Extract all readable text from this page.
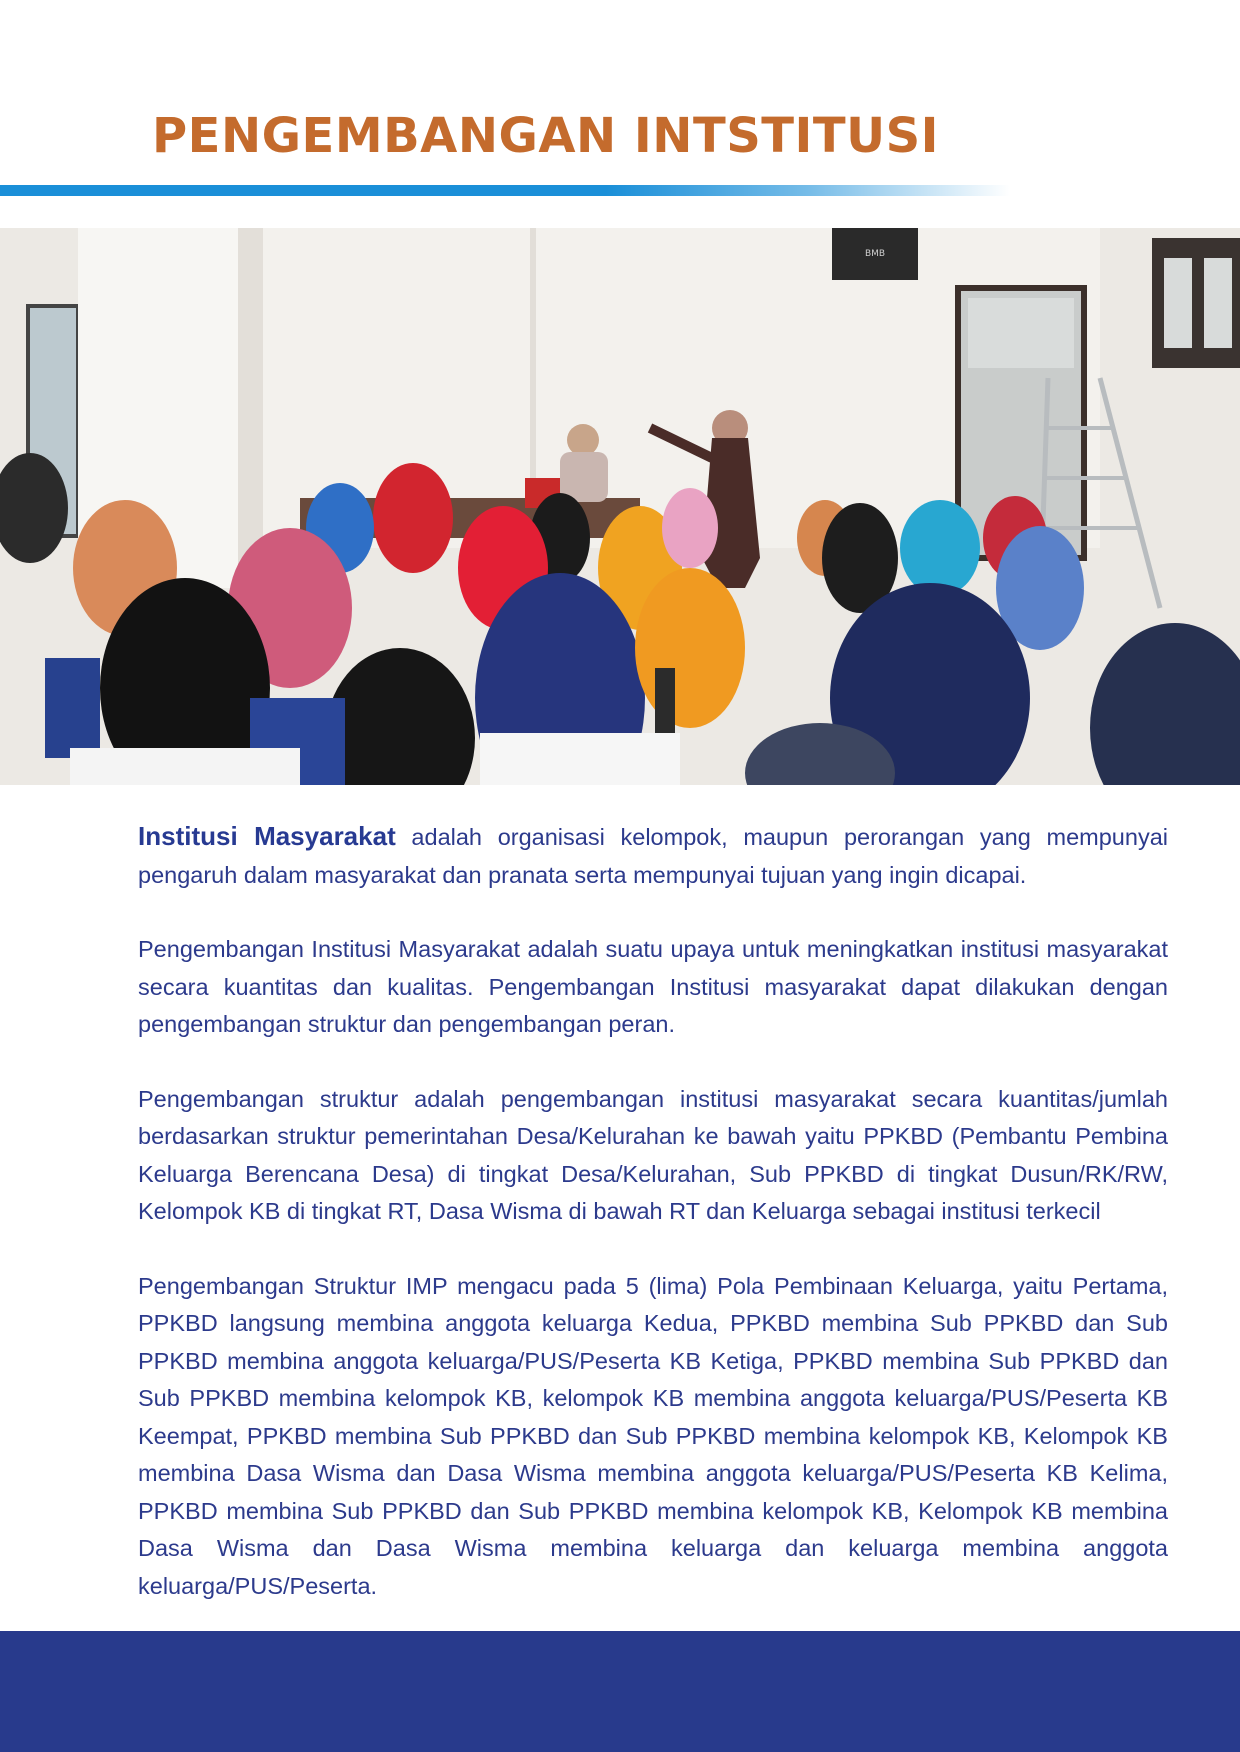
PENGEMBANGAN INTSTITUSI
BMB

Institusi Masyarakat adalah organisasi kelompok, maupun perorangan yang mempunyai pengaruh dalam masyarakat dan pranata serta mempunyai tujuan yang ingin dicapai.

Pengembangan Institusi Masyarakat adalah suatu upaya untuk meningkatkan institusi masyarakat secara kuantitas dan kualitas. Pengembangan Institusi masyarakat dapat dilakukan dengan pengembangan struktur dan pengembangan peran.

Pengembangan struktur adalah pengembangan institusi masyarakat secara kuantitas/jumlah berdasarkan struktur pemerintahan Desa/Kelurahan ke bawah yaitu PPKBD (Pembantu Pembina Keluarga Berencana Desa) di tingkat Desa/Kelurahan, Sub PPKBD di tingkat Dusun/RK/RW, Kelompok KB di tingkat RT, Dasa Wisma di bawah RT dan Keluarga sebagai institusi terkecil

Pengembangan Struktur IMP mengacu pada 5 (lima) Pola Pembinaan Keluarga, yaitu Pertama, PPKBD langsung membina anggota keluarga Kedua, PPKBD membina Sub PPKBD dan Sub PPKBD membina anggota keluarga/PUS/Peserta KB Ketiga, PPKBD membina Sub PPKBD dan Sub PPKBD membina kelompok KB, kelompok KB membina anggota keluarga/PUS/Peserta KB Keempat, PPKBD membina Sub PPKBD dan Sub PPKBD membina kelompok KB, Kelompok KB membina Dasa Wisma dan Dasa Wisma membina anggota keluarga/PUS/Peserta KB Kelima, PPKBD membina Sub PPKBD dan Sub PPKBD membina kelompok KB, Kelompok KB membina Dasa Wisma dan Dasa Wisma membina keluarga dan keluarga membina anggota keluarga/PUS/Peserta.
